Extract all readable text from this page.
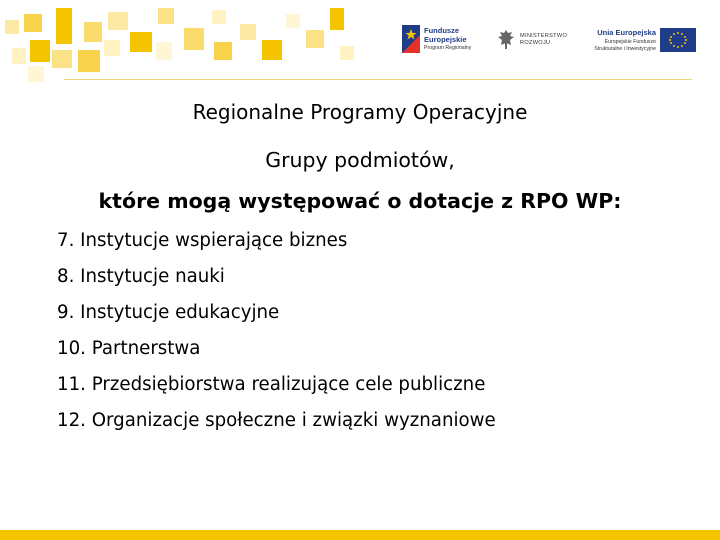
Fundusze
Europejskie
Program Regionalny
MINISTERSTWO
ROZWOJU
Unia Europejska
Europejskie Fundusze
Strukturalne i Inwestycyjne
Regionalne Programy Operacyjne
Grupy podmiotów,
które mogą występować o dotacje z RPO WP:
7. Instytucje wspierające biznes
8. Instytucje nauki
9. Instytucje edukacyjne
10. Partnerstwa
11. Przedsiębiorstwa realizujące cele publiczne
12. Organizacje społeczne i związki wyznaniowe
